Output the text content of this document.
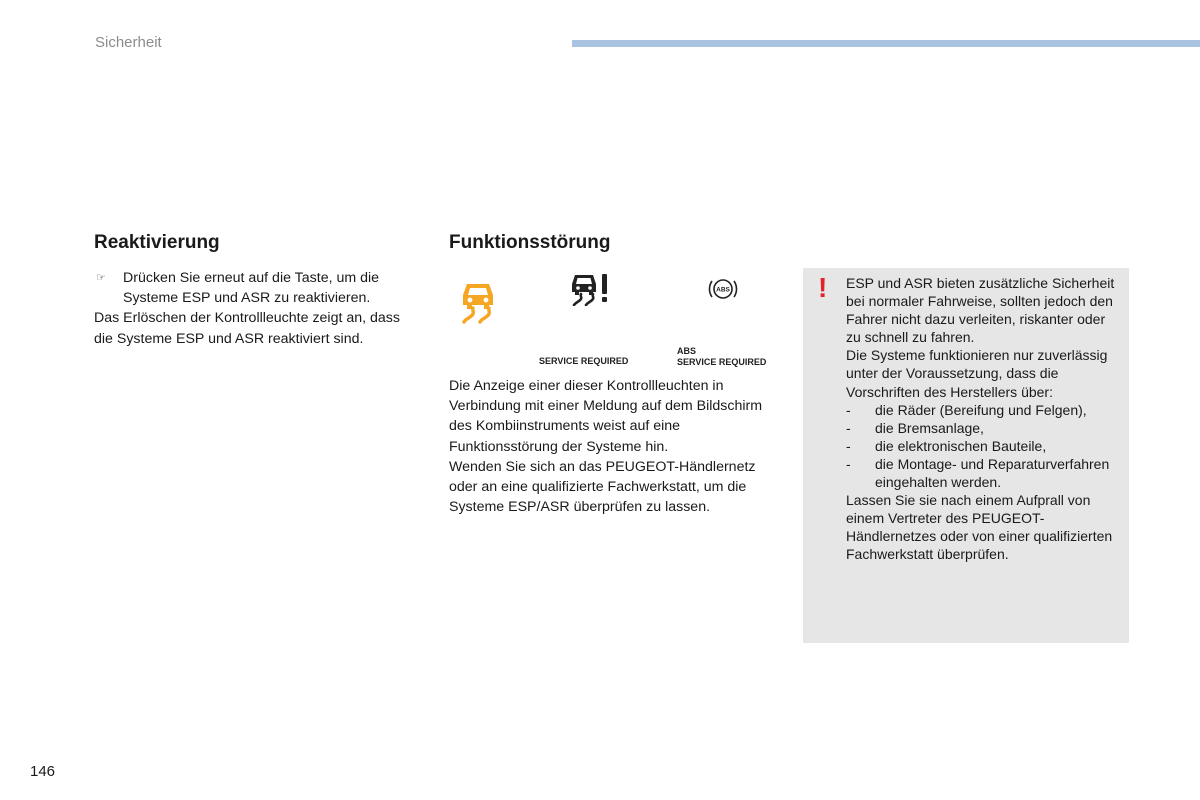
Sicherheit
Reaktivierung
☞ Drücken Sie erneut auf die Taste, um die Systeme ESP und ASR zu reaktivieren.
Das Erlöschen der Kontrollleuchte zeigt an, dass die Systeme ESP und ASR reaktiviert sind.
Funktionsstörung
SERVICE REQUIRED
ABS
ABS
SERVICE REQUIRED
Die Anzeige einer dieser Kontrollleuchten in Verbindung mit einer Meldung auf dem Bildschirm des Kombiinstruments weist auf eine Funktionsstörung der Systeme hin.
Wenden Sie sich an das PEUGEOT-Händlernetz oder an eine qualifizierte Fachwerkstatt, um die Systeme ESP/ASR überprüfen zu lassen.
! ESP und ASR bieten zusätzliche Sicherheit bei normaler Fahrweise, sollten jedoch den Fahrer nicht dazu verleiten, riskanter oder zu schnell zu fahren.
Die Systeme funktionieren nur zuverlässig unter der Voraussetzung, dass die Vorschriften des Herstellers über:
- die Räder (Bereifung und Felgen),
- die Bremsanlage,
- die elektronischen Bauteile,
- die Montage- und Reparaturverfahren eingehalten werden.
Lassen Sie sie nach einem Aufprall von einem Vertreter des PEUGEOT-Händlernetzes oder von einer qualifizierten Fachwerkstatt überprüfen.
146
